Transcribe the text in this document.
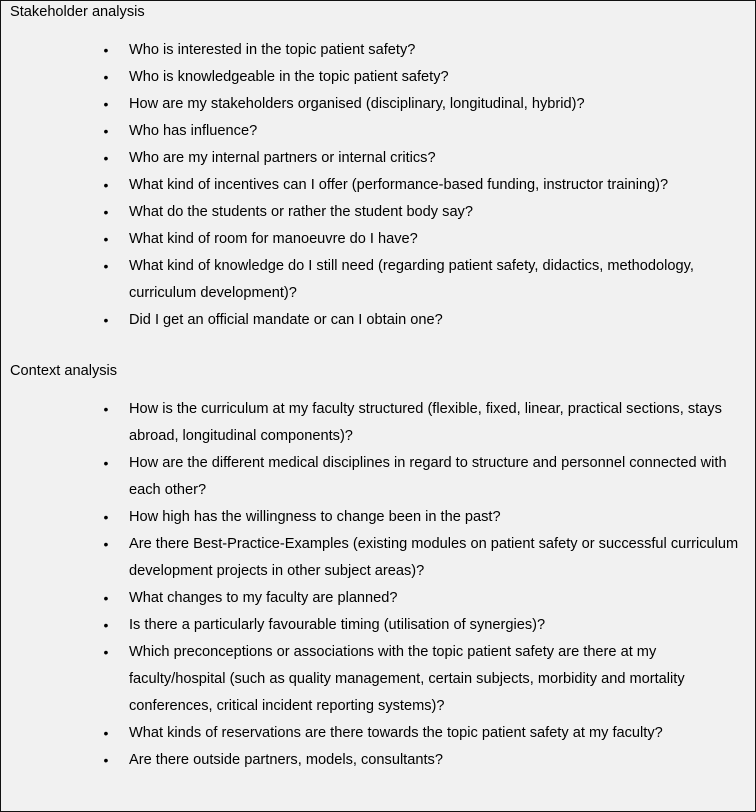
Stakeholder analysis
•	Who is interested in the topic patient safety?
•	Who is knowledgeable in the topic patient safety?
•	How are my stakeholders organised (disciplinary, longitudinal, hybrid)?
•	Who has influence?
•	Who are my internal partners or internal critics?
•	What kind of incentives can I offer (performance-based funding, instructor training)?
•	What do the students or rather the student body say?
•	What kind of room for manoeuvre do I have?
•	What kind of knowledge do I still need (regarding patient safety, didactics, methodology, curriculum development)?
•	Did I get an official mandate or can I obtain one?
Context analysis
•	How is the curriculum at my faculty structured (flexible, fixed, linear, practical sections, stays abroad, longitudinal components)?
•	How are the different medical disciplines in regard to structure and personnel connected with each other?
•	How high has the willingness to change been in the past?
•	Are there Best-Practice-Examples (existing modules on patient safety or successful curriculum development projects in other subject areas)?
•	What changes to my faculty are planned?
•	Is there a particularly favourable timing (utilisation of synergies)?
•	Which preconceptions or associations with the topic patient safety are there at my faculty/hospital (such as quality management, certain subjects, morbidity and mortality conferences, critical incident reporting systems)?
•	What kinds of reservations are there towards the topic patient safety at my faculty?
•	Are there outside partners, models, consultants?
